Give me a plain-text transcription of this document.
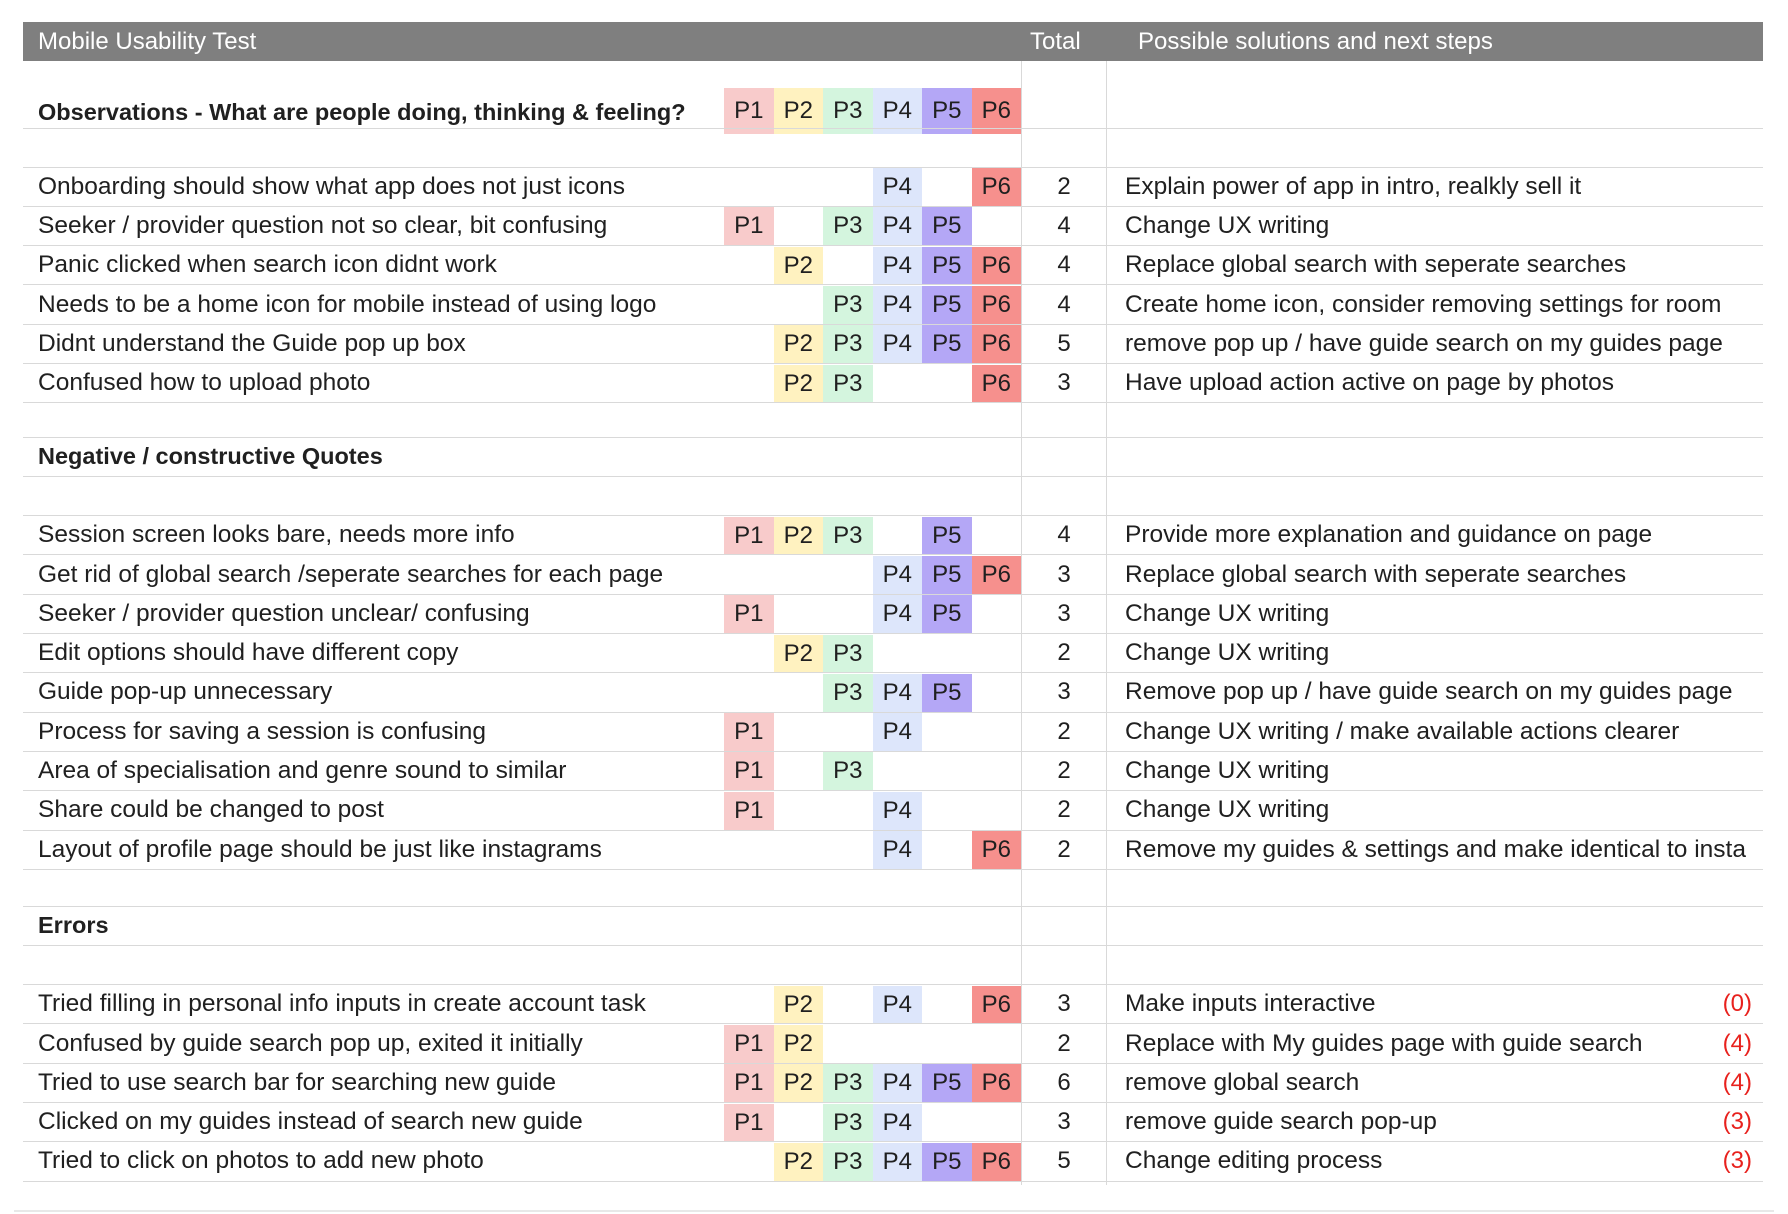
Mobile Usability Test	Total Possible solutions and next steps
Observations - What are people doing, thinking & feeling?	P1 P2 P3 P4 P5 P6
Onboarding should show what app does not just icons	P4	P6	2	Explain power of app in intro, realkly sell it
Seeker / provider question not so clear, bit confusing	P1	P3 P4 P5	4	Change UX writing
Panic clicked when search icon didnt work	P2	P4 P5 P6	4	Replace global search with seperate searches
Needs to be a home icon for mobile instead of using logo	P3 P4 P5 P6	4	Create home icon, consider removing settings for room
Didnt understand the Guide pop up box	P2 P3 P4 P5 P6	5	remove pop up / have guide search on my guides page
Confused how to upload photo	P2 P3	P6	3	Have upload action active on page by photos
Negative / constructive Quotes
Session screen looks bare, needs more info	P1 P2 P3	P5	4	Provide more explanation and guidance on page
Get rid of global search /seperate searches for each page	P4 P5 P6	3	Replace global search with seperate searches
Seeker / provider question unclear/ confusing	P1	P4 P5	3	Change UX writing
Edit options should have different copy	P2 P3	2	Change UX writing
Guide pop-up unnecessary	P3 P4 P5	3	Remove pop up / have guide search on my guides page
Process for saving a session is confusing	P1	P4	2	Change UX writing / make available actions clearer
Area of specialisation and genre sound to similar	P1	P3	2	Change UX writing
Share could be changed to post	P1	P4	2	Change UX writing
Layout of profile page should be just like instagrams	P4	P6	2	Remove my guides & settings and make identical to insta
Errors
Tried filling in personal info inputs in create account task	P2	P4	P6	3	Make inputs interactive	(0)
Confused by guide search pop up, exited it initially	P1 P2	2	Replace with My guides page with guide search	(4)
Tried to use search bar for searching new guide	P1 P2 P3 P4 P5 P6	6	remove global search	(4)
Clicked on my guides instead of search new guide	P1	P3 P4	3	remove guide search pop-up	(3)
Tried to click on photos to add new photo	P2 P3 P4 P5 P6	5	Change editing process	(3)
